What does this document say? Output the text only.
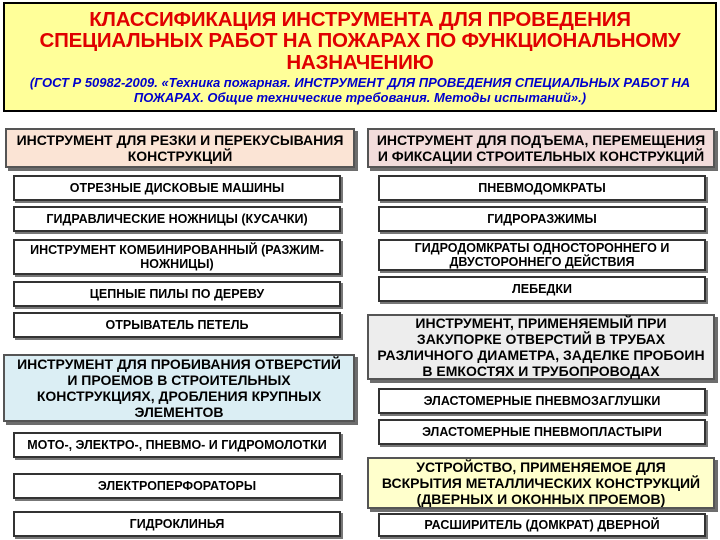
КЛАССИФИКАЦИЯ ИНСТРУМЕНТА ДЛЯ ПРОВЕДЕНИЯ СПЕЦИАЛЬНЫХ РАБОТ НА ПОЖАРАХ ПО ФУНКЦИОНАЛЬНОМУ НАЗНАЧЕНИЮ
(ГОСТ Р 50982-2009. «Техника пожарная. ИНСТРУМЕНТ ДЛЯ ПРОВЕДЕНИЯ СПЕЦИАЛЬНЫХ РАБОТ НА ПОЖАРАХ. Общие технические требования. Методы испытаний».)
ИНСТРУМЕНТ ДЛЯ РЕЗКИ И ПЕРЕКУСЫВАНИЯ КОНСТРУКЦИЙ
ОТРЕЗНЫЕ ДИСКОВЫЕ МАШИНЫ
ГИДРАВЛИЧЕСКИЕ НОЖНИЦЫ (КУСАЧКИ)
ИНСТРУМЕНТ КОМБИНИРОВАННЫЙ (РАЗЖИМ-НОЖНИЦЫ)
ЦЕПНЫЕ ПИЛЫ ПО ДЕРЕВУ
ОТРЫВАТЕЛЬ ПЕТЕЛЬ
ИНСТРУМЕНТ ДЛЯ ПРОБИВАНИЯ ОТВЕРСТИЙ И ПРОЕМОВ В СТРОИТЕЛЬНЫХ КОНСТРУКЦИЯХ, ДРОБЛЕНИЯ КРУПНЫХ ЭЛЕМЕНТОВ
МОТО-, ЭЛЕКТРО-, ПНЕВМО- И ГИДРОМОЛОТКИ
ЭЛЕКТРОПЕРФОРАТОРЫ
ГИДРОКЛИНЬЯ
ИНСТРУМЕНТ ДЛЯ ПОДЪЕМА, ПЕРЕМЕЩЕНИЯ И ФИКСАЦИИ СТРОИТЕЛЬНЫХ КОНСТРУКЦИЙ
ПНЕВМОДОМКРАТЫ
ГИДРОРАЗЖИМЫ
ГИДРОДОМКРАТЫ ОДНОСТОРОННЕГО И ДВУСТОРОННЕГО ДЕЙСТВИЯ
ЛЕБЕДКИ
ИНСТРУМЕНТ, ПРИМЕНЯЕМЫЙ ПРИ ЗАКУПОРКЕ ОТВЕРСТИЙ В ТРУБАХ РАЗЛИЧНОГО ДИАМЕТРА, ЗАДЕЛКЕ ПРОБОИН В ЕМКОСТЯХ И ТРУБОПРОВОДАХ
ЭЛАСТОМЕРНЫЕ ПНЕВМОЗАГЛУШКИ
ЭЛАСТОМЕРНЫЕ ПНЕВМОПЛАСТЫРИ
УСТРОЙСТВО, ПРИМЕНЯЕМОЕ ДЛЯ ВСКРЫТИЯ МЕТАЛЛИЧЕСКИХ КОНСТРУКЦИЙ (ДВЕРНЫХ И ОКОННЫХ ПРОЕМОВ)
РАСШИРИТЕЛЬ (ДОМКРАТ) ДВЕРНОЙ
